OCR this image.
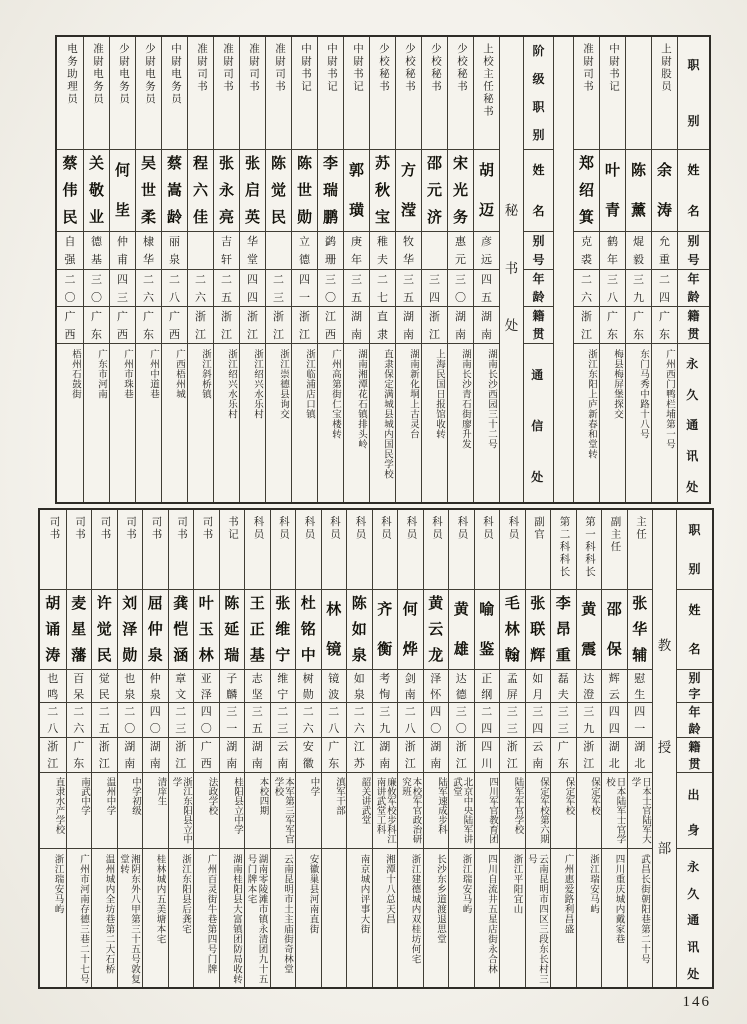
职
别
姓
名
别
号
年
龄
籍
贯
永
久
通
讯
处
上尉股员
余
涛
允
重
二
四
广
东
广州西门鸭栏埔第一号
陈
薰
焜
毅
三
九
广
东
东门马秀中路十八号
中尉书记
叶
青
鹤
年
三
八
广
东
梅县梅屏堡探交
准尉司书
郑
绍
箕
克
裘
二
六
浙
江
浙江东阳上庐新春和堂转
阶
级
职
别
姓
名
别
号
年
龄
籍
贯
通
信
处
秘
书
处
上校主任秘书
胡
迈
彦
远
四
五
湖
南
湖南长沙西园三十二号
少校秘书
宋
光
务
惠
元
三
〇
湖
南
湖南长沙青石街廖升发
少校秘书
邵
元
济
三
四
浙
江
上海民国日报馆收转
少校秘书
方
滢
牧
华
三
五
湖
南
湖南新化垌上古灵台
少校秘书
苏
秋
宝
稚
夫
二
七
直
隶
直隶保定满城县城内国民学校
中尉书记
郭
璜
庚
年
三
五
湖
南
湖南湘潭花石镇排头岭
中尉书记
李
瑞
鹏
鹢
珊
三
〇
江
西
广州高第街仁宝楼转
中尉书记
陈
世
勋
立
德
四
一
浙
江
浙江临浦店口镇
准尉司书
陈
觉
民
二
三
浙
江
浙江崇德县询交
准尉司书
张
启
英
华
堂
四
四
浙
江
浙江绍兴水乐村
准尉司书
张
永
亮
吉
轩
二
五
浙
江
浙江绍兴水乐村
准尉司书
程
六
佳
二
六
浙
江
浙江斜桥镇
中尉电务员
蔡
嵩
龄
丽
泉
二
八
广
西
广西梧州城
少尉电务员
吴
世
柔
棣
华
二
六
广
东
广州中道巷
少尉电务员
何
坒
仲
甫
四
三
广
西
广州市珠巷
准尉电务员
关
敬
业
德
基
三
〇
广
东
广东市河南
电务助理员
蔡
伟
民
自
强
二
〇
广
西
梧州石鼓街
职
别
姓
名
别
字
年
龄
籍
贯
出
身
永
久
通
讯
处
教
授
部
主任
张
华
辅
慰
生
四
一
湖
北
日本士官陆军大学
武昌长街朝阳巷第二十号
副主任
邵
保
辉
云
四
四
湖
北
日本陆军士官学校
四川重庆城内戴家巷
第一科科长
黄
震
达
澄
三
九
浙
江
保定军校
浙江瑞安马屿
第二科科长
李
昂
重
磊
夫
三
三
广
东
保定军校
广州惠爱路利昌盛
副官
张
联
辉
如
月
三
四
云
南
保定军校第六期
云南昆明市四区三段东长村三号
科员
毛
林
翰
孟
屏
三
三
浙
江
陆军军官学校
浙江平阳宜山
科员
喻
鉴
正
纲
二
四
四
川
四川军官教育团
四川自流井五星店街永合林
科员
黄
雄
达
德
三
〇
浙
江
北京中央陆军讲武堂
浙江瑞安马屿
科员
黄
云
龙
泽
怀
四
〇
湖
南
陆军速成步科
长沙东乡道渡退思堂
科员
何
烨
剑
南
二
八
浙
江
本校军官政治研究班
浙江建德城内双桂坊何宅
科员
齐
衡
考
恂
三
九
湖
南
廉攸军校步科江南讲武堂工科
湘潭十八总天昌
科员
陈
如
泉
如
泉
二
六
江
苏
韶关讲武堂
南京城内评事大街
科员
林
镜
镜
波
二
八
广
东
滇军干部
科员
杜
铭
中
树
勋
二
六
安
徽
中学
安徽巢县河南直街
科员
张
维
宁
维
宁
二
三
云
南
本军第三军军官学校
云南昆明市土主庙街奇林堂
科员
王
正
基
志
坚
三
五
湖
南
本校四期
湖南零陵滩市镇永清团九十五号门牌本宅
书记
陈
延
瑞
子
麟
三
一
湖
南
桂阳县立中学
湖南桂阳县大富镇团防局收转
司书
叶
玉
林
亚
泽
四
〇
广
西
法政学校
广州百灵街牛巷第四号门牌
司书
龚
恺
涵
章
文
二
三
浙
江
浙江东阳县立中学
浙江东阳县后龚宅
司书
屈
仲
泉
仲
泉
四
〇
湖
南
清庠生
桂林城内五美塘本宅
司书
刘
泽
勋
也
泉
二
〇
湖
南
中学初级
湘阴东外八甲第三十五号敦复堂转
司书
许
觉
民
觉
民
二
五
浙
江
温州中学
温州城内全坊巷第二大石桥
司书
麦
星
藩
百
呆
二
六
广
东
南武中学
广州市河南存德三巷二十七号
司书
胡
诵
涛
也
鸣
二
八
浙
江
直隶水产学校
浙江瑞安马屿
146
